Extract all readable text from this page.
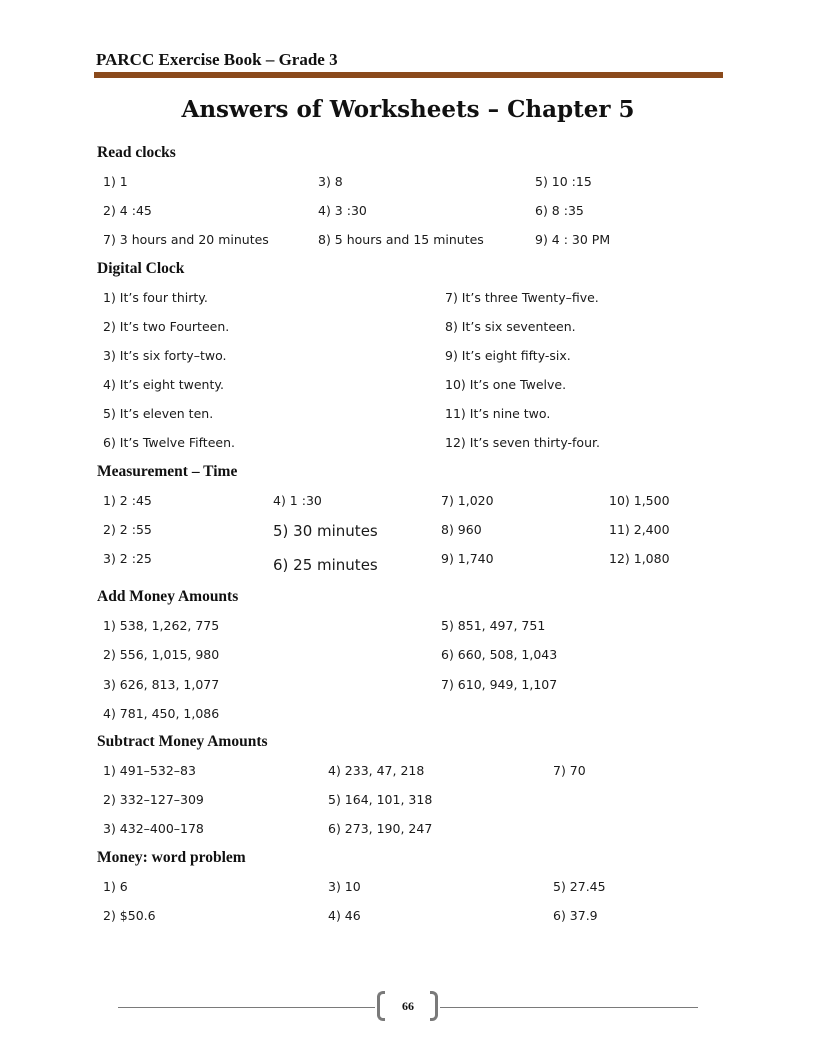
PARCC Exercise Book – Grade 3
Answers of Worksheets – Chapter 5
Read clocks
1) 1
2) 4 :45
7) 3 hours and 20 minutes
3) 8
4) 3 :30
8) 5 hours and 15 minutes
5) 10 :15
6) 8 :35
9) 4 : 30 PM
Digital Clock
1) It’s four thirty.
2) It’s two Fourteen.
3) It’s six forty–two.
4) It’s eight twenty.
5) It’s eleven ten.
6) It’s Twelve Fifteen.
7) It’s three Twenty–five.
8) It’s six seventeen.
9) It’s eight fifty-six.
10) It’s one Twelve.
11) It’s nine two.
12) It’s seven thirty-four.
Measurement – Time
1) 2 :45
2) 2 :55
3) 2 :25
4) 1 :30
5) 30 minutes
6) 25 minutes
7) 1,020
8) 960
9) 1,740
10) 1,500
11) 2,400
12) 1,080
Add Money Amounts
1) 538, 1,262, 775
2) 556, 1,015, 980
3) 626, 813, 1,077
4) 781, 450, 1,086
5) 851, 497, 751
6) 660, 508, 1,043
7) 610, 949, 1,107
Subtract Money Amounts
1) 491–532–83
2) 332–127–309
3) 432–400–178
4) 233, 47, 218
5) 164, 101, 318
6) 273, 190, 247
7) 70
Money: word problem
1) 6
2) $50.6
3) 10
4) 46
5) 27.45
6) 37.9
66
